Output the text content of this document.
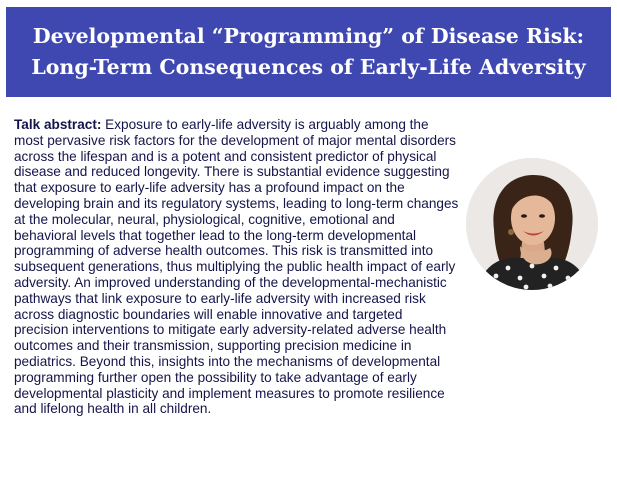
Developmental “Programming” of Disease Risk: Long-Term Consequences of Early-Life Adversity

Talk abstract: Exposure to early-life adversity is arguably among the most pervasive risk factors for the development of major mental disorders across the lifespan and is a potent and consistent predictor of physical disease and reduced longevity. There is substantial evidence suggesting that exposure to early-life adversity has a profound impact on the developing brain and its regulatory systems, leading to long-term changes at the molecular, neural, physiological, cognitive, emotional and behavioral levels that together lead to the long-term developmental programming of adverse health outcomes. This risk is transmitted into subsequent generations, thus multiplying the public health impact of early adversity. An improved understanding of the developmental-mechanistic pathways that link exposure to early-life adversity with increased risk across diagnostic boundaries will enable innovative and targeted precision interventions to mitigate early adversity-related adverse health outcomes and their transmission, supporting precision medicine in pediatrics. Beyond this, insights into the mechanisms of developmental programming further open the possibility to take advantage of early developmental plasticity and implement measures to promote resilience and lifelong health in all children.
